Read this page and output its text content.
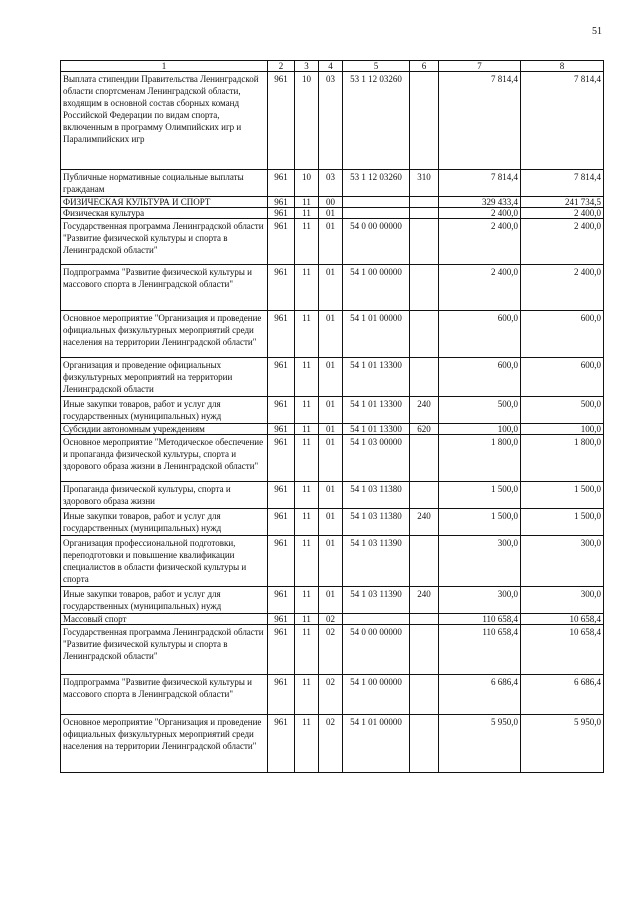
51
1	2	3	4	5	6	7	8
Выплата стипендии Правительства Ленинградской области спортсменам Ленинградской области, входящим в основной состав сборных команд Российской Федерации по видам спорта, включенным в программу Олимпийских игр и Паралимпийских игр	961	10	03	53 1 12 03260		7 814,4	7 814,4
Публичные нормативные социальные выплаты гражданам	961	10	03	53 1 12 03260	310	7 814,4	7 814,4
ФИЗИЧЕСКАЯ КУЛЬТУРА И СПОРТ	961	11	00			329 433,4	241 734,5
Физическая культура	961	11	01			2 400,0	2 400,0
Государственная программа Ленинградской области "Развитие физической культуры и спорта в Ленинградской области"	961	11	01	54 0 00 00000		2 400,0	2 400,0
Подпрограмма "Развитие физической культуры и массового спорта в Ленинградской области"	961	11	01	54 1 00 00000		2 400,0	2 400,0
Основное мероприятие "Организация и проведение официальных физкультурных мероприятий среди населения на территории Ленинградской области"	961	11	01	54 1 01 00000		600,0	600,0
Организация и проведение официальных физкультурных мероприятий на территории Ленинградской области	961	11	01	54 1 01 13300		600,0	600,0
Иные закупки товаров, работ и услуг для государственных (муниципальных) нужд	961	11	01	54 1 01 13300	240	500,0	500,0
Субсидии автономным учреждениям	961	11	01	54 1 01 13300	620	100,0	100,0
Основное мероприятие "Методическое обеспечение и пропаганда физической культуры, спорта и здорового образа жизни в Ленинградской области"	961	11	01	54 1 03 00000		1 800,0	1 800,0
Пропаганда физической культуры, спорта и здорового образа жизни	961	11	01	54 1 03 11380		1 500,0	1 500,0
Иные закупки товаров, работ и услуг для государственных (муниципальных) нужд	961	11	01	54 1 03 11380	240	1 500,0	1 500,0
Организация профессиональной подготовки, переподготовки и повышение квалификации специалистов в области физической культуры и спорта	961	11	01	54 1 03 11390		300,0	300,0
Иные закупки товаров, работ и услуг для государственных (муниципальных) нужд	961	11	01	54 1 03 11390	240	300,0	300,0
Массовый спорт	961	11	02			110 658,4	10 658,4
Государственная программа Ленинградской области "Развитие физической культуры и спорта в Ленинградской области"	961	11	02	54 0 00 00000		110 658,4	10 658,4
Подпрограмма "Развитие физической культуры и массового спорта в Ленинградской области"	961	11	02	54 1 00 00000		6 686,4	6 686,4
Основное мероприятие "Организация и проведение официальных физкультурных мероприятий среди населения на территории Ленинградской области"	961	11	02	54 1 01 00000		5 950,0	5 950,0
